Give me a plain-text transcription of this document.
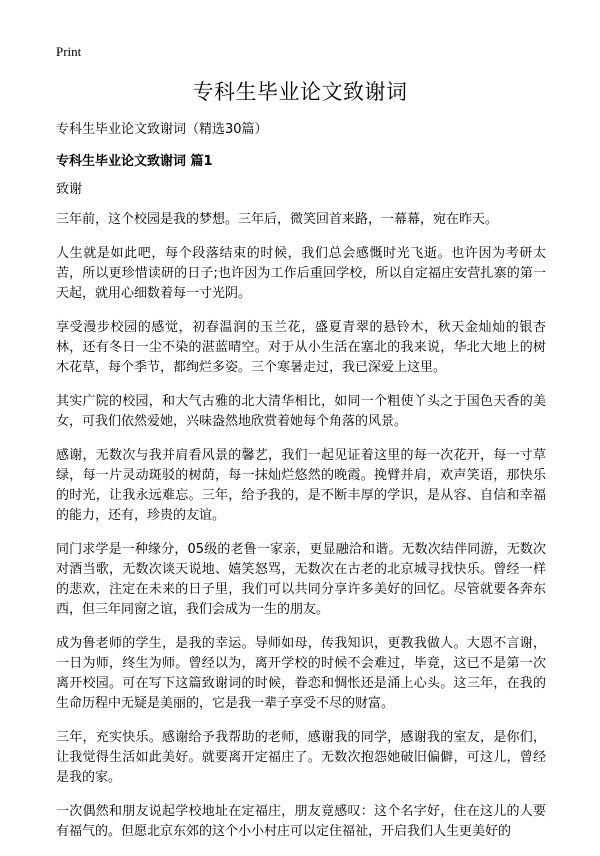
Print
专科生毕业论文致谢词

专科生毕业论文致谢词（精选30篇）

专科生毕业论文致谢词 篇1

致谢

三年前，这个校园是我的梦想。三年后，微笑回首来路，一幕幕，宛在昨天。

人生就是如此吧，每个段落结束的时候，我们总会感慨时光飞逝。也许因为考研太苦，所以更珍惜读研的日子;也许因为工作后重回学校，所以自定福庄安营扎寨的第一天起，就用心细数着每一寸光阴。

享受漫步校园的感觉，初春温润的玉兰花，盛夏青翠的悬铃木，秋天金灿灿的银杏林，还有冬日一尘不染的湛蓝晴空。对于从小生活在塞北的我来说，华北大地上的树木花草，每个季节，都绚烂多姿。三个寒暑走过，我已深爱上这里。

其实广院的校园，和大气古雅的北大清华相比，如同一个粗使丫头之于国色天香的美女，可我们依然爱她，兴味盎然地欣赏着她每个角落的风景。

感谢，无数次与我并肩看风景的馨艺，我们一起见证着这里的每一次花开，每一寸草绿，每一片灵动斑驳的树荫，每一抹灿烂悠然的晚霞。挽臂并肩，欢声笑语，那快乐的时光，让我永远难忘。三年，给予我的，是不断丰厚的学识，是从容、自信和幸福的能力，还有，珍贵的友谊。

同门求学是一种缘分，05级的老鲁一家亲，更显融洽和谐。无数次结伴同游，无数次对酒当歌，无数次谈天说地、嬉笑怒骂，无数次在古老的北京城寻找快乐。曾经一样的悲欢，注定在未来的日子里，我们可以共同分享许多美好的回忆。尽管就要各奔东西，但三年同窗之谊，我们会成为一生的朋友。

成为鲁老师的学生，是我的幸运。导师如母，传我知识，更教我做人。大恩不言谢，一日为师，终生为师。曾经以为，离开学校的时候不会难过，毕竟，这已不是第一次离开校园。可在写下这篇致谢词的时候，眷恋和惆怅还是涌上心头。这三年，在我的生命历程中无疑是美丽的，它是我一辈子享受不尽的财富。

三年，充实快乐。感谢给予我帮助的老师，感谢我的同学，感谢我的室友，是你们，让我觉得生活如此美好。就要离开定福庄了。无数次抱怨她破旧偏僻，可这儿，曾经是我的家。

一次偶然和朋友说起学校地址在定福庄，朋友竟感叹：这个名字好，住在这儿的人要有福气的。但愿北京东郊的这个小小村庄可以定住福祉，开启我们人生更美好的
